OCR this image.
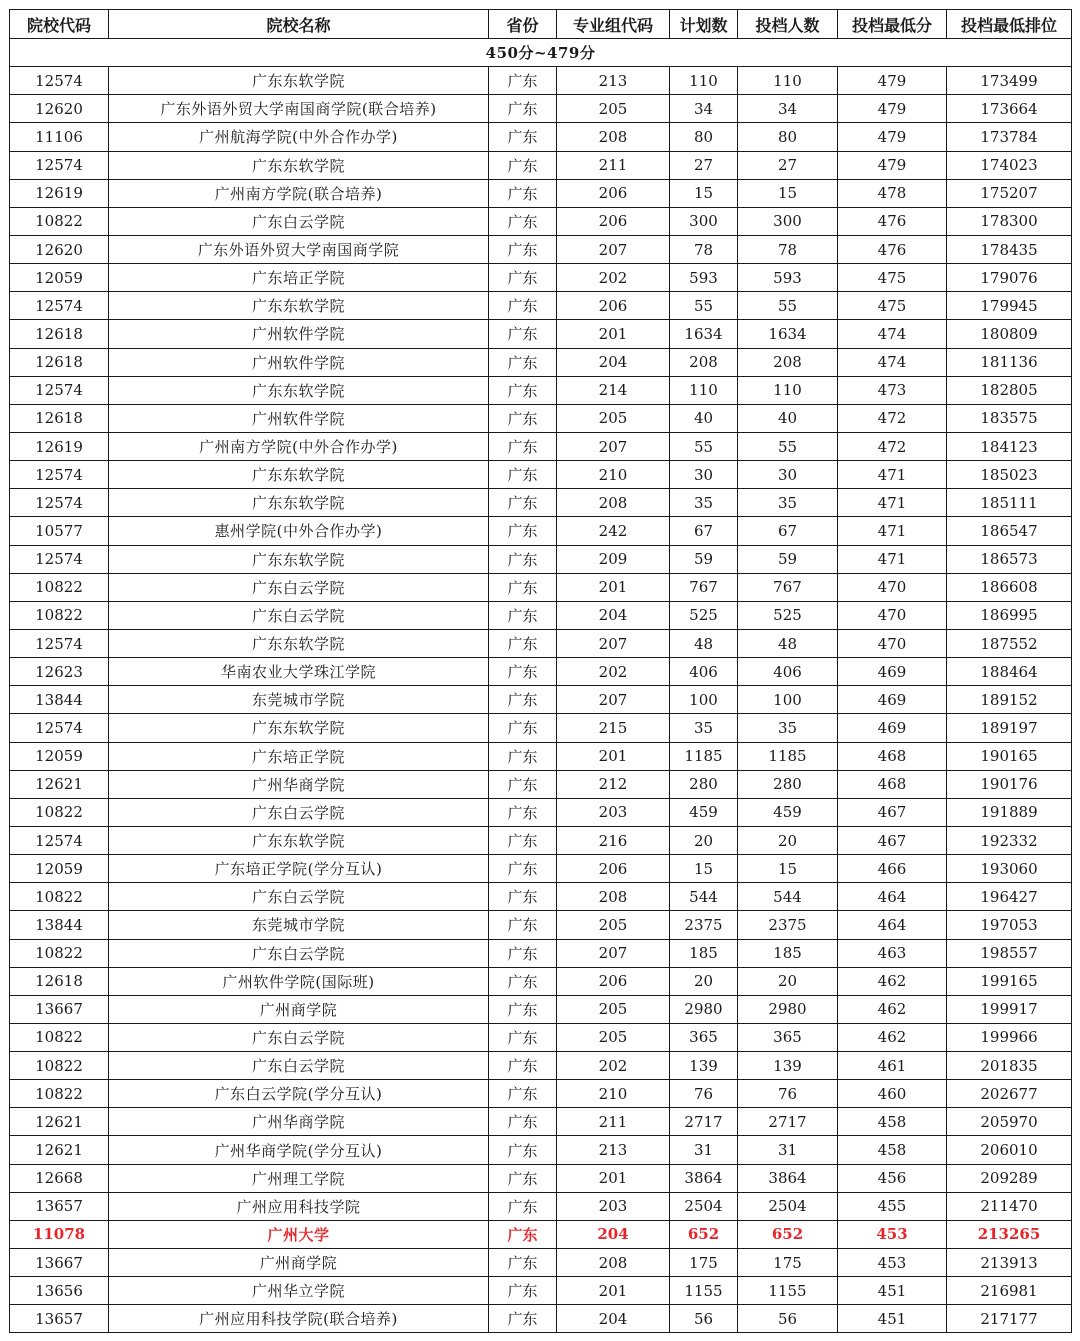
院校代码	院校名称	省份	专业组代码	计划数	投档人数	投档最低分	投档最低排位
450分~479分							
12574	广东东软学院	广东	213	110	110	479	173499
12620	广东外语外贸大学南国商学院(联合培养)	广东	205	34	34	479	173664
11106	广州航海学院(中外合作办学)	广东	208	80	80	479	173784
12574	广东东软学院	广东	211	27	27	479	174023
12619	广州南方学院(联合培养)	广东	206	15	15	478	175207
10822	广东白云学院	广东	206	300	300	476	178300
12620	广东外语外贸大学南国商学院	广东	207	78	78	476	178435
12059	广东培正学院	广东	202	593	593	475	179076
12574	广东东软学院	广东	206	55	55	475	179945
12618	广州软件学院	广东	201	1634	1634	474	180809
12618	广州软件学院	广东	204	208	208	474	181136
12574	广东东软学院	广东	214	110	110	473	182805
12618	广州软件学院	广东	205	40	40	472	183575
12619	广州南方学院(中外合作办学)	广东	207	55	55	472	184123
12574	广东东软学院	广东	210	30	30	471	185023
12574	广东东软学院	广东	208	35	35	471	185111
10577	惠州学院(中外合作办学)	广东	242	67	67	471	186547
12574	广东东软学院	广东	209	59	59	471	186573
10822	广东白云学院	广东	201	767	767	470	186608
10822	广东白云学院	广东	204	525	525	470	186995
12574	广东东软学院	广东	207	48	48	470	187552
12623	华南农业大学珠江学院	广东	202	406	406	469	188464
13844	东莞城市学院	广东	207	100	100	469	189152
12574	广东东软学院	广东	215	35	35	469	189197
12059	广东培正学院	广东	201	1185	1185	468	190165
12621	广州华商学院	广东	212	280	280	468	190176
10822	广东白云学院	广东	203	459	459	467	191889
12574	广东东软学院	广东	216	20	20	467	192332
12059	广东培正学院(学分互认)	广东	206	15	15	466	193060
10822	广东白云学院	广东	208	544	544	464	196427
13844	东莞城市学院	广东	205	2375	2375	464	197053
10822	广东白云学院	广东	207	185	185	463	198557
12618	广州软件学院(国际班)	广东	206	20	20	462	199165
13667	广州商学院	广东	205	2980	2980	462	199917
10822	广东白云学院	广东	205	365	365	462	199966
10822	广东白云学院	广东	202	139	139	461	201835
10822	广东白云学院(学分互认)	广东	210	76	76	460	202677
12621	广州华商学院	广东	211	2717	2717	458	205970
12621	广州华商学院(学分互认)	广东	213	31	31	458	206010
12668	广州理工学院	广东	201	3864	3864	456	209289
13657	广州应用科技学院	广东	203	2504	2504	455	211470
11078	广州大学	广东	204	652	652	453	213265
13667	广州商学院	广东	208	175	175	453	213913
13656	广州华立学院	广东	201	1155	1155	451	216981
13657	广州应用科技学院(联合培养)	广东	204	56	56	451	217177
